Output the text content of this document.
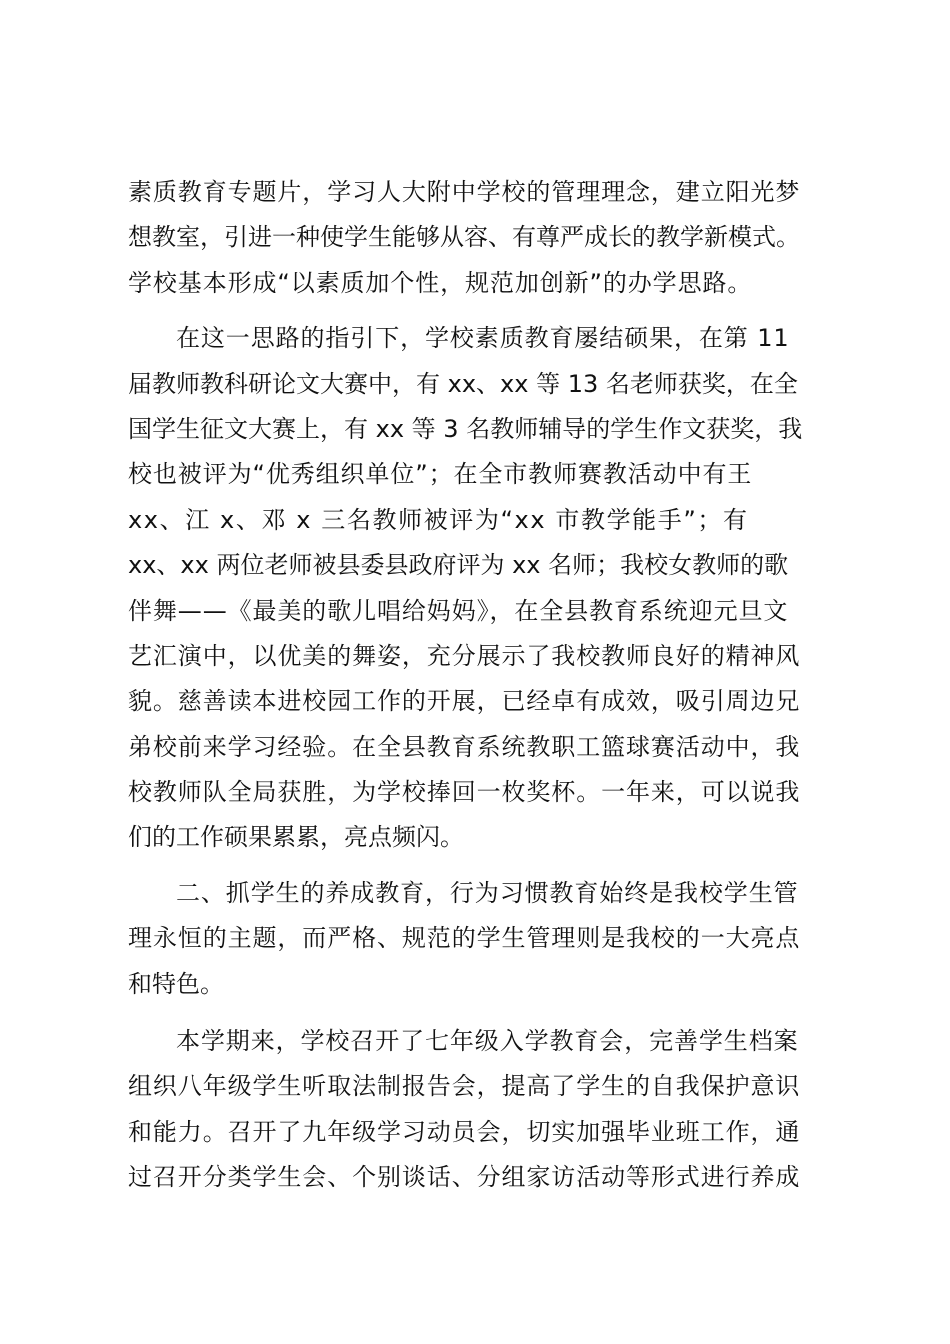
素质教育专题片，学习人大附中学校的管理理念，建立阳光梦
想教室，引进一种使学生能够从容、有尊严成长的教学新模式。
学校基本形成“以素质加个性，规范加创新”的办学思路。
在这一思路的指引下，学校素质教育屡结硕果，在第 11
届教师教科研论文大赛中，有 xx、xx 等 13 名老师获奖，在全
国学生征文大赛上，有 xx 等 3 名教师辅导的学生作文获奖，我
校也被评为“优秀组织单位”；在全市教师赛教活动中有王
xx、江 x、邓 x 三名教师被评为“xx 市教学能手”；有
xx、xx 两位老师被县委县政府评为 xx 名师；我校女教师的歌
伴舞——《最美的歌儿唱给妈妈》，在全县教育系统迎元旦文
艺汇演中，以优美的舞姿，充分展示了我校教师良好的精神风
貌。慈善读本进校园工作的开展，已经卓有成效，吸引周边兄
弟校前来学习经验。在全县教育系统教职工篮球赛活动中，我
校教师队全局获胜，为学校捧回一枚奖杯。一年来，可以说我
们的工作硕果累累，亮点频闪。
二、抓学生的养成教育，行为习惯教育始终是我校学生管
理永恒的主题，而严格、规范的学生管理则是我校的一大亮点
和特色。
本学期来，学校召开了七年级入学教育会，完善学生档案
组织八年级学生听取法制报告会，提高了学生的自我保护意识
和能力。召开了九年级学习动员会，切实加强毕业班工作，通
过召开分类学生会、个别谈话、分组家访活动等形式进行养成
